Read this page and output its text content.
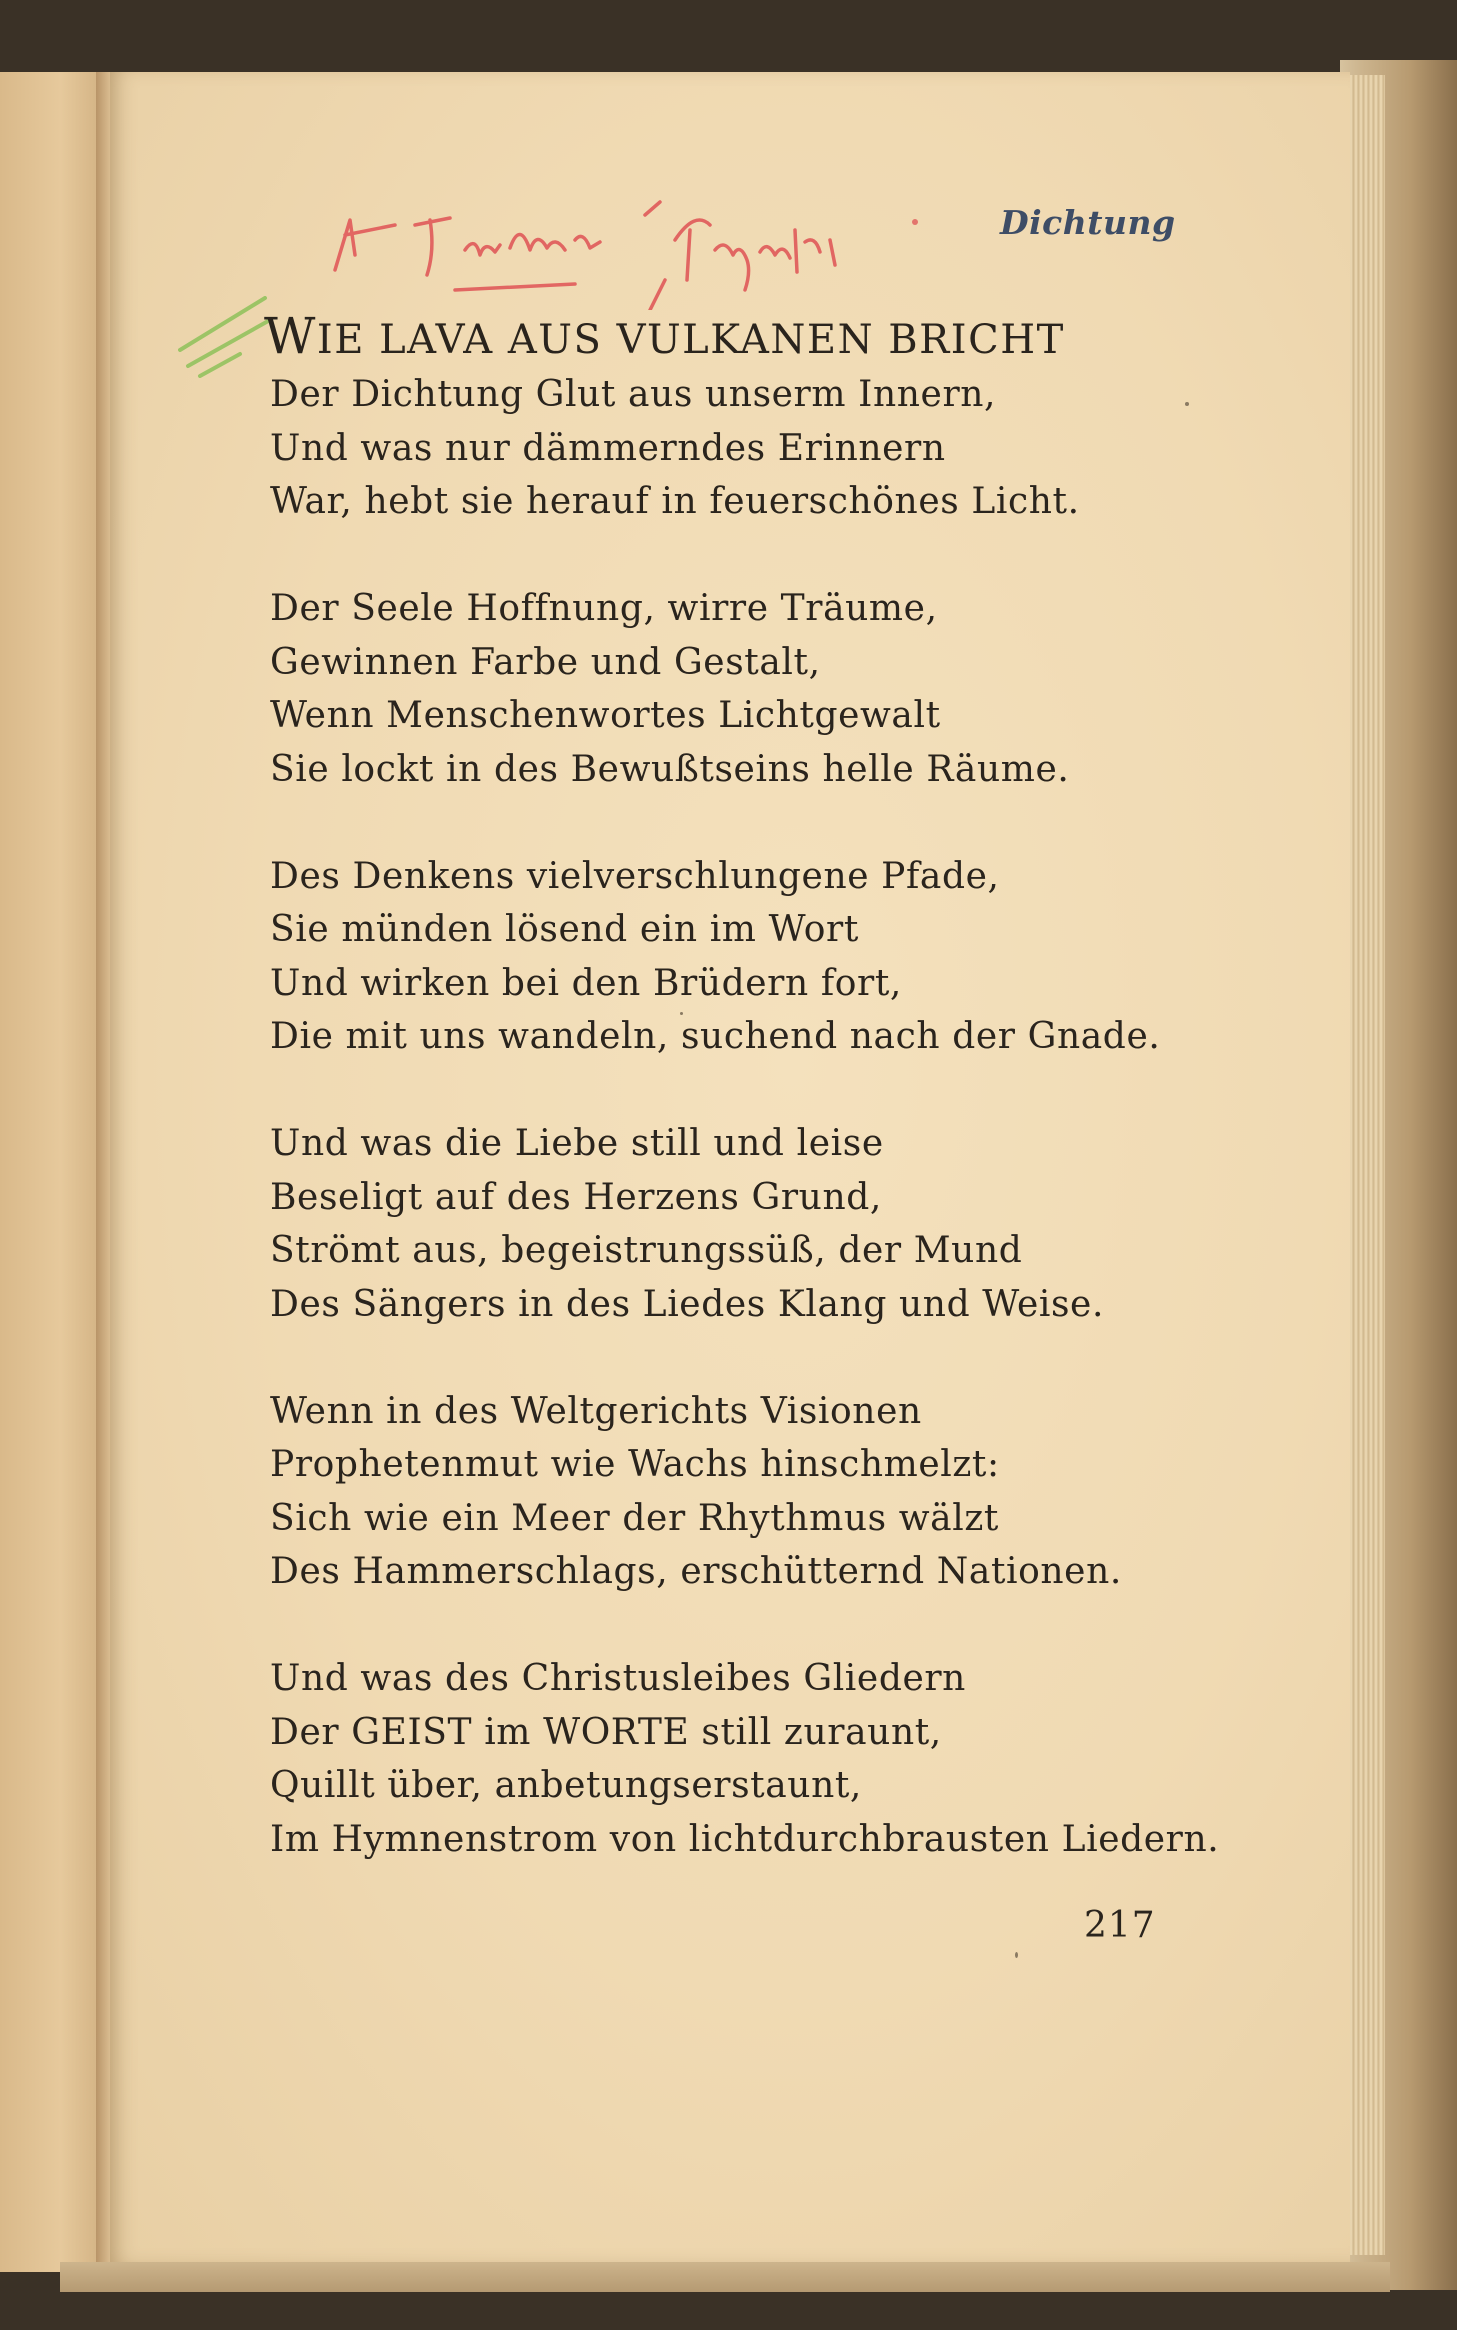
Dichtung
D Dieses Gedicht
WIE LAVA AUS VULKANEN BRICHT
Der Dichtung Glut aus unserm Innern,
Und was nur dämmerndes Erinnern
War, hebt sie herauf in feuerschönes Licht.
Der Seele Hoffnung, wirre Träume,
Gewinnen Farbe und Gestalt,
Wenn Menschenwortes Lichtgewalt
Sie lockt in des Bewußtseins helle Räume.
Des Denkens vielverschlungene Pfade,
Sie münden lösend ein im Wort
Und wirken bei den Brüdern fort,
Die mit uns wandeln, suchend nach der Gnade.
Und was die Liebe still und leise
Beseligt auf des Herzens Grund,
Strömt aus, begeistrungssüß, der Mund
Des Sängers in des Liedes Klang und Weise.
Wenn in des Weltgerichts Visionen
Prophetenmut wie Wachs hinschmelzt:
Sich wie ein Meer der Rhythmus wälzt
Des Hammerschlags, erschütternd Nationen.
Und was des Christusleibes Gliedern
Der GEIST im WORTE still zuraunt,
Quillt über, anbetungserstaunt,
Im Hymnenstrom von lichtdurchbrausten Liedern.
217
